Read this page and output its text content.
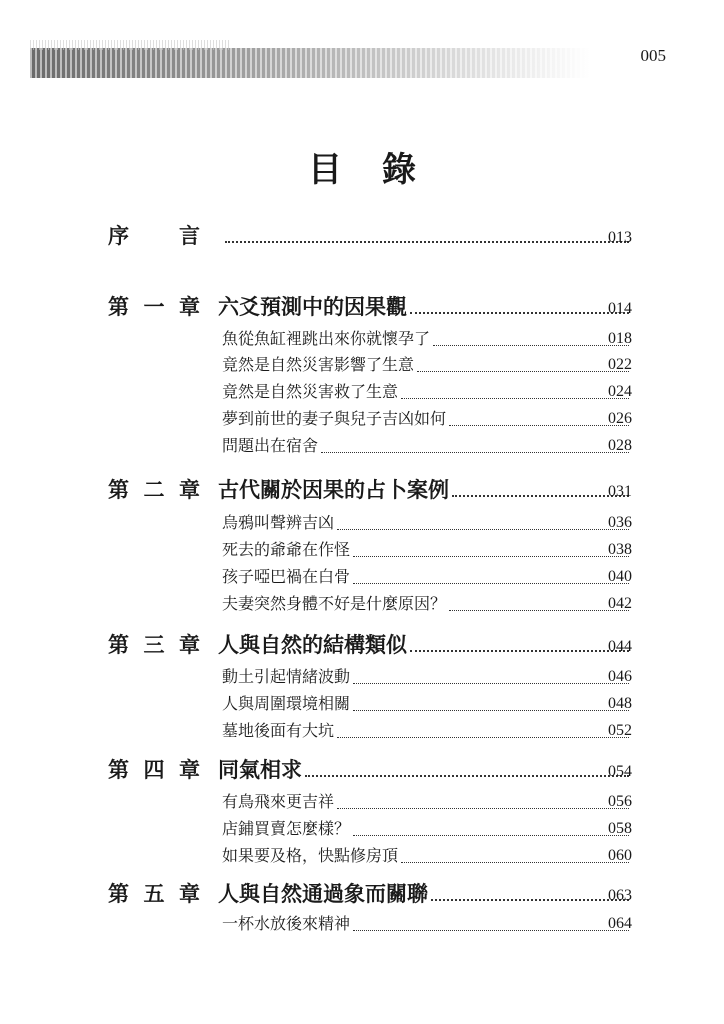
005
目 錄
序 言	013
第 一 章 六爻預測中的因果觀	014
魚從魚缸裡跳出來你就懷孕了	018
竟然是自然災害影響了生意	022
竟然是自然災害救了生意	024
夢到前世的妻子與兒子吉凶如何	026
問題出在宿舍	028
第 二 章 古代關於因果的占卜案例	031
烏鴉叫聲辨吉凶	036
死去的爺爺在作怪	038
孩子啞巴禍在白骨	040
夫妻突然身體不好是什麼原因？	042
第 三 章 人與自然的結構類似	044
動土引起情緒波動	046
人與周圍環境相關	048
墓地後面有大坑	052
第 四 章 同氣相求	054
有鳥飛來更吉祥	056
店鋪買賣怎麼樣？	058
如果要及格，快點修房頂	060
第 五 章 人與自然通過象而關聯	063
一杯水放後來精神	064
